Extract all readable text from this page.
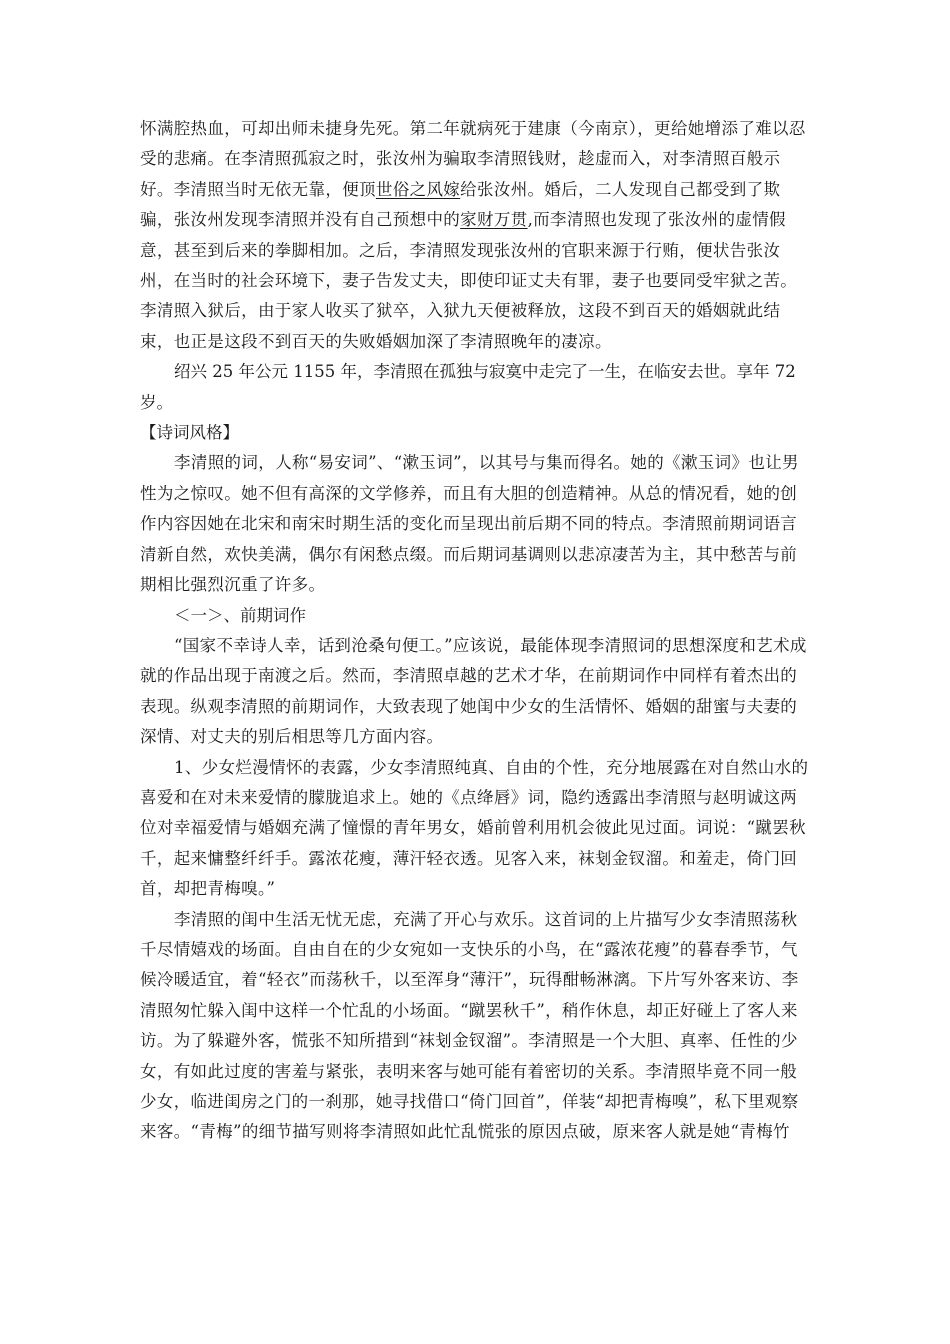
怀满腔热血，可却出师未捷身先死。第二年就病死于建康（今南京），更给她增添了难以忍受的悲痛。在李清照孤寂之时，张汝州为骗取李清照钱财，趁虚而入，对李清照百般示好。李清照当时无依无靠，便顶世俗之风嫁给张汝州。婚后，二人发现自己都受到了欺骗，张汝州发现李清照并没有自己预想中的家财万贯,而李清照也发现了张汝州的虚情假意，甚至到后来的拳脚相加。之后，李清照发现张汝州的官职来源于行贿，便状告张汝州，在当时的社会环境下，妻子告发丈夫，即使印证丈夫有罪，妻子也要同受牢狱之苦。李清照入狱后，由于家人收买了狱卒，入狱九天便被释放，这段不到百天的婚姻就此结束，也正是这段不到百天的失败婚姻加深了李清照晚年的凄凉。

绍兴 25 年公元 1155 年，李清照在孤独与寂寞中走完了一生，在临安去世。享年 72 岁。

【诗词风格】

李清照的词，人称“易安词”、“漱玉词”，以其号与集而得名。她的《漱玉词》也让男性为之惊叹。她不但有高深的文学修养，而且有大胆的创造精神。从总的情况看，她的创作内容因她在北宋和南宋时期生活的变化而呈现出前后期不同的特点。李清照前期词语言清新自然，欢快美满，偶尔有闲愁点缀。而后期词基调则以悲凉凄苦为主，其中愁苦与前期相比强烈沉重了许多。

＜一＞、前期词作

“国家不幸诗人幸，话到沧桑句便工。”应该说，最能体现李清照词的思想深度和艺术成就的作品出现于南渡之后。然而，李清照卓越的艺术才华，在前期词作中同样有着杰出的表现。纵观李清照的前期词作，大致表现了她闺中少女的生活情怀、婚姻的甜蜜与夫妻的深情、对丈夫的别后相思等几方面内容。

1、少女烂漫情怀的表露，少女李清照纯真、自由的个性，充分地展露在对自然山水的喜爱和在对未来爱情的朦胧追求上。她的《点绛唇》词，隐约透露出李清照与赵明诚这两位对幸福爱情与婚姻充满了憧憬的青年男女，婚前曾利用机会彼此见过面。词说：“蹴罢秋千，起来慵整纤纤手。露浓花瘦，薄汗轻衣透。见客入来，袜刬金钗溜。和羞走，倚门回首，却把青梅嗅。”

李清照的闺中生活无忧无虑，充满了开心与欢乐。这首词的上片描写少女李清照荡秋千尽情嬉戏的场面。自由自在的少女宛如一支快乐的小鸟，在“露浓花瘦”的暮春季节，气候冷暖适宜，着“轻衣”而荡秋千，以至浑身“薄汗”，玩得酣畅淋漓。下片写外客来访、李清照匆忙躲入闺中这样一个忙乱的小场面。“蹴罢秋千”，稍作休息，却正好碰上了客人来访。为了躲避外客，慌张不知所措到“袜刬金钗溜”。李清照是一个大胆、真率、任性的少女，有如此过度的害羞与紧张，表明来客与她可能有着密切的关系。李清照毕竟不同一般少女，临进闺房之门的一刹那，她寻找借口“倚门回首”，佯装“却把青梅嗅”，私下里观察来客。“青梅”的细节描写则将李清照如此忙乱慌张的原因点破，原来客人就是她“青梅竹
